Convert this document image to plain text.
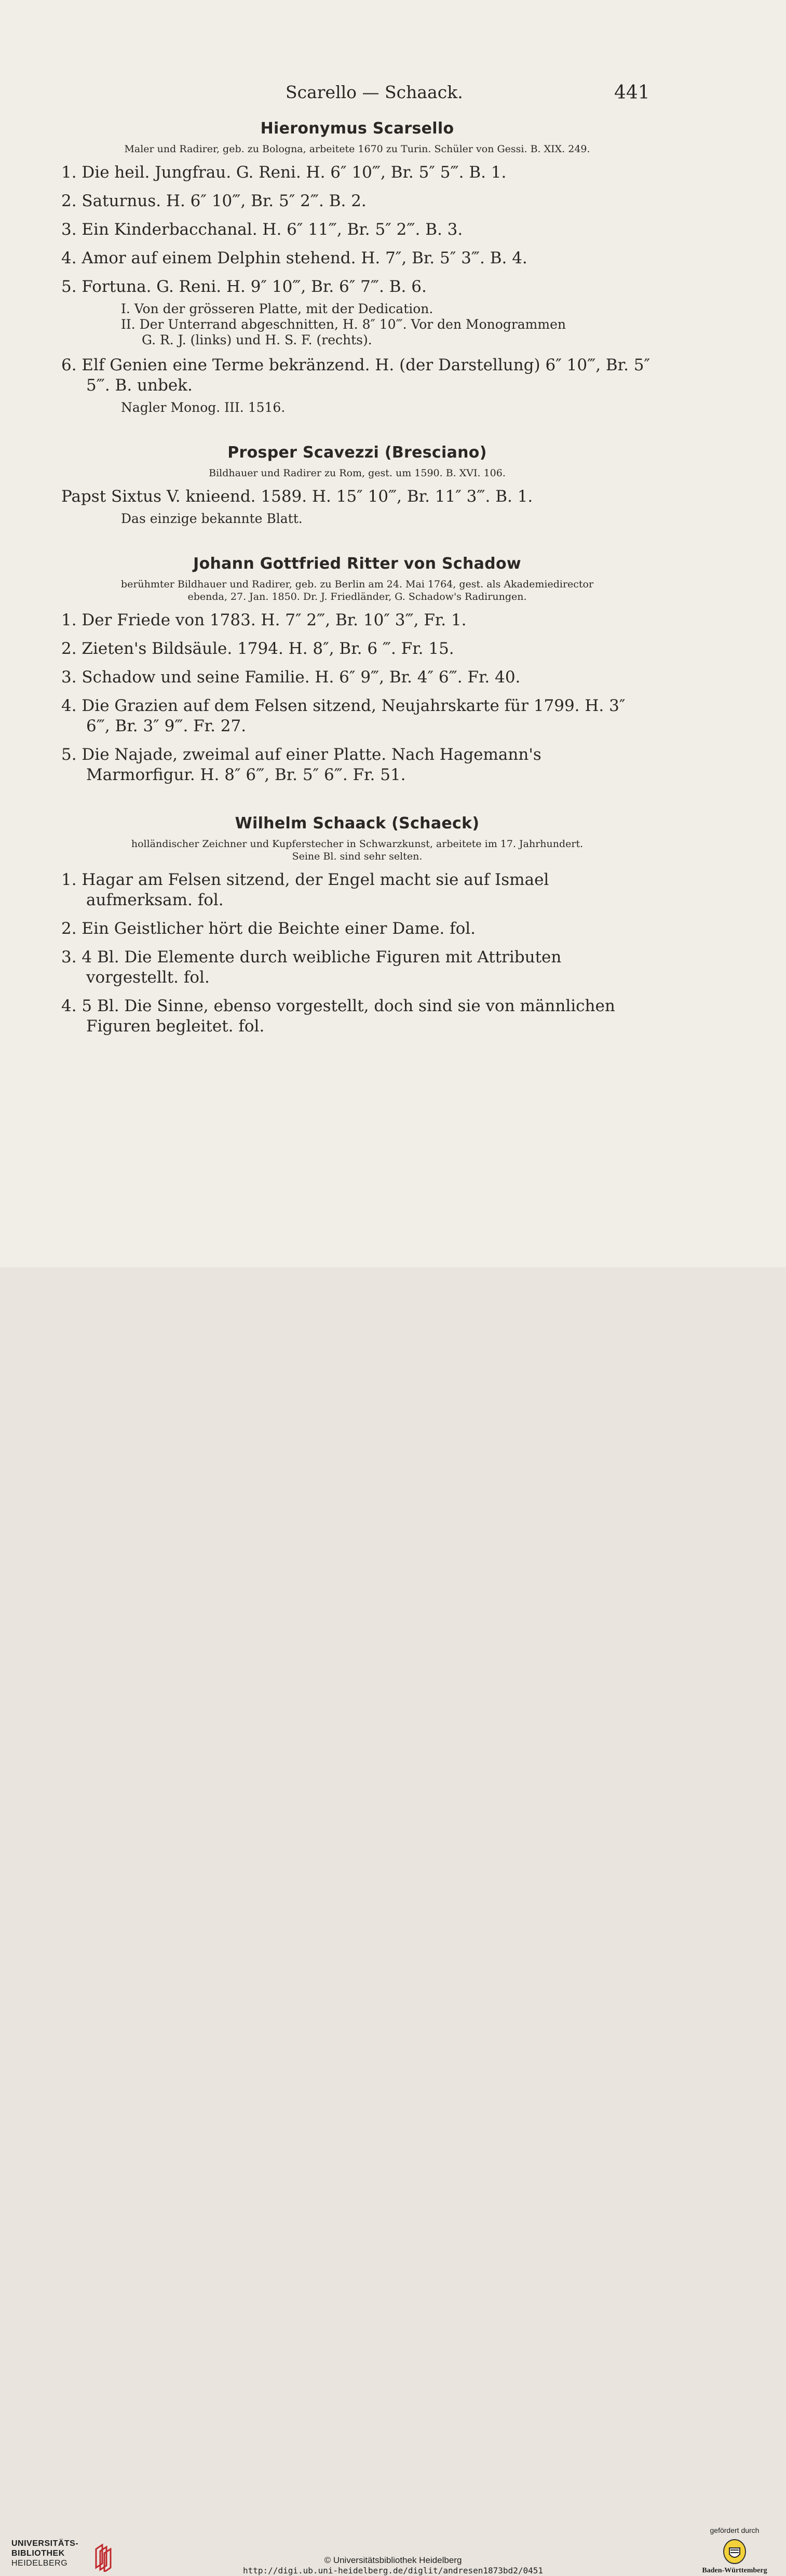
Scarello — Schaack.	441
Hieronymus Scarsello
Maler und Radirer, geb. zu Bologna, arbeitete 1670 zu Turin. Schüler von Gessi. B. XIX. 249.
1. Die heil. Jungfrau. G. Reni. H. 6″ 10‴, Br. 5″ 5‴. B. 1.
2. Saturnus. H. 6″ 10‴, Br. 5″ 2‴. B. 2.
3. Ein Kinderbacchanal. H. 6″ 11‴, Br. 5″ 2‴. B. 3.
4. Amor auf einem Delphin stehend. H. 7″, Br. 5″ 3‴. B. 4.
5. Fortuna. G. Reni. H. 9″ 10‴, Br. 6″ 7‴. B. 6.
I. Von der grösseren Platte, mit der Dedication.
II. Der Unterrand abgeschnitten, H. 8″ 10‴. Vor den Monogrammen
G. R. J. (links) und H. S. F. (rechts).
6. Elf Genien eine Terme bekränzend. H. (der Darstellung) 6″ 10‴, Br. 5″ 5‴. B. unbek.
Nagler Monog. III. 1516.
Prosper Scavezzi (Bresciano)
Bildhauer und Radirer zu Rom, gest. um 1590. B. XVI. 106.
Papst Sixtus V. knieend. 1589. H. 15″ 10‴, Br. 11″ 3‴. B. 1.
Das einzige bekannte Blatt.
Johann Gottfried Ritter von Schadow
berühmter Bildhauer und Radirer, geb. zu Berlin am 24. Mai 1764, gest. als Akademiedirector
ebenda, 27. Jan. 1850. Dr. J. Friedländer, G. Schadow's Radirungen.
1. Der Friede von 1783. H. 7″ 2‴, Br. 10″ 3‴, Fr. 1.
2. Zieten's Bildsäule. 1794. H. 8″, Br. 6 ‴. Fr. 15.
3. Schadow und seine Familie. H. 6″ 9‴, Br. 4″ 6‴. Fr. 40.
4. Die Grazien auf dem Felsen sitzend, Neujahrskarte für 1799. H. 3″ 6‴, Br. 3″ 9‴. Fr. 27.
5. Die Najade, zweimal auf einer Platte. Nach Hagemann's Marmorfigur. H. 8″ 6‴, Br. 5″ 6‴. Fr. 51.
Wilhelm Schaack (Schaeck)
holländischer Zeichner und Kupferstecher in Schwarzkunst, arbeitete im 17. Jahrhundert.
Seine Bl. sind sehr selten.
1. Hagar am Felsen sitzend, der Engel macht sie auf Ismael aufmerksam. fol.
2. Ein Geistlicher hört die Beichte einer Dame. fol.
3. 4 Bl. Die Elemente durch weibliche Figuren mit Attributen vorgestellt. fol.
4. 5 Bl. Die Sinne, ebenso vorgestellt, doch sind sie von männlichen Figuren begleitet. fol.
UNIVERSITÄTS-
BIBLIOTHEK
HEIDELBERG	© Universitätsbibliothek Heidelberg
http://digi.ub.uni-heidelberg.de/diglit/andresen1873bd2/0451
gefördert durch
Baden-Württemberg
